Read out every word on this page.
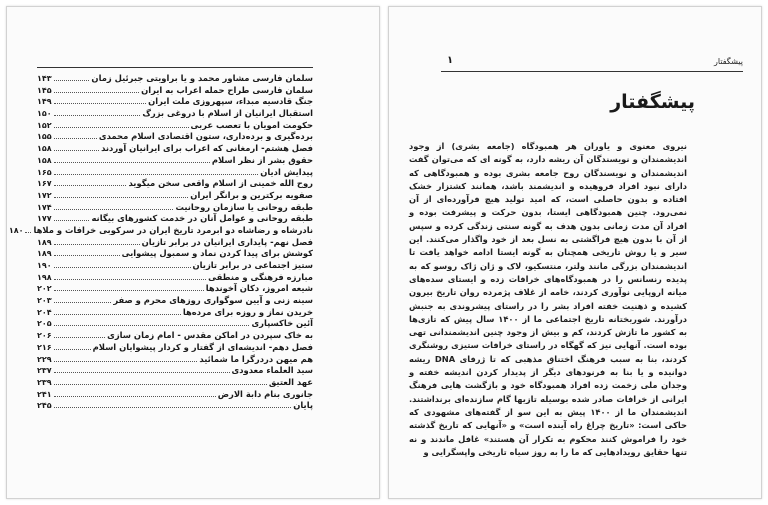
سلمان فارسی مشاور محمد و یا براویتی جبرئیل زمان
۱۴۳
سلمان فارسی طراح حمله اعراب به ایران
۱۴۵
جنگ قادسیه مبداء، سپهروزی ملت ایران
۱۴۹
استقبال ایرانیان از اسلام با دروغی بزرگ
۱۵۰
حکومت امویان با تعصب عربی
۱۵۲
برده‌گیری و برده‌داری، ستون اقتصادی اسلام محمدی
۱۵۵
فصل هشتم-
ارمغانی که اعراب برای ایرانیان آوردند
۱۵۸
حقوق بشر از نظر اسلام
۱۵۸
پیدایش ادیان
۱۶۵
روح الله خمینی از اسلام واقعی سخن میگوید
۱۶۷
صفویه برکترین و برانگر ایران
۱۷۲
طبقه روحانی یا سازمان روحانیت
۱۷۴
طبقه روحانی و عوامل آنان در خدمت کشورهای بیگانه
۱۷۷
نادرشاه و رضاشاه دو ابرمرد تاریخ ایران در سرکوبی خرافات و ملاها
۱۸۰
فصل نهم-
پایداری ایرانیان در برابر تازیان
۱۸۹
کوشش برای پیدا کردن نماد و سمبول پیشوایی
۱۸۹
ستیز اجتماعی در برابر تازیان
۱۹۰
مبارزه فرهنگی و منطقی
۱۹۸
شیعه امروز، دکان آخوندها
۲۰۲
سینه زنی و آیین سوگواری روزهای محرم و صفر
۲۰۳
خریدن نماز و روزه برای مرده‌ها
۲۰۴
آئین خاکسپاری
۲۰۵
به خاک سپردن در اماکن مقدس - امام زمان سازی
۲۰۶
فصل دهم-
اندیشه‌ای از گفتار و کردار پیشوایان اسلام
۲۱۶
هم میهن دردرگرا ما شمائید
۲۲۹
سید العلماء معدودی
۲۳۷
عهد العتیق
۲۳۹
جانوری بنام دابة الارض
۲۴۱
پایان
۲۴۵
پیشگفتار
۱
پیشگفتار

نیروی معنوی و یاوران هر همبودگاه (جامعه بشری) از وجود اندیشمندان و نویسندگان آن ریشه دارد، به گونه ای که می‌توان گفت اندیشمندان و نویسندگان روح جامعه بشری بوده و همبودگاهی که دارای نبود افراد فروهیده و اندیشمند باشد، همانند کشتزار خشک افتاده و بدون حاصلی است، که امید تولید هیچ فرآورده‌ای از آن نمی‌رود. چنین همبودگاهی ایستا، بدون حرکت و پیشرفت بوده و افراد آن مدت زمانی بدون هدف به گونه سنتی زندگی کرده و سپس از آن با بدون هیچ فراگشتی به نسل بعد از خود واگذار می‌کنند. این سیر و یا روش تاریخی همچنان به گونه ایستا ادامه خواهد یافت تا اندیشمندان بزرگی مانند ولتر، منتسکیو، لاک و ژان ژاک روسو که به پدیده رنسانس را در همبودگاه‌های خرافات زده و ایستای سده‌های میانه اروپایی نوآوری کردند، خامه از غلاف پژمرده روان تاریخ بیرون کشیده و ذهنیت خفته افراد بشر را در راستای پیشروندی به جنبش درآورند. شوربختانه تاریخ اجتماعی ما از ۱۴۰۰ سال پیش که تازی‌ها به کشور ما تازش کردند، کم و بیش از وجود چنین اندیشمندانی تهی بوده است. آنهایی نیز که گهگاه در راستای خرافات ستیزی روشنگری کردند، بنا به سبب فرهنگ اختناق مذهبی که تا ژرفای DNA ریشه دوانیده و یا بنا به فرنودهای دیگر از پدیدار کردن اندیشه خفته و وجدان ملی زخمت زده افراد همبودگاه خود و بازگشت هایی فرهنگ ایرانی از خرافات صادر شده بوسیله تازیها گام سازنده‌ای برنداشتند. اندیشمندان ما از ۱۴۰۰ پیش به این سو از گفته‌های مشهودی که حاکی است: «تاریخ چراغ راه آینده است» و «آنهایی که تاریخ گذشته خود را فراموش کنند محکوم به تکرار آن هستند» غافل ماندند و نه تنها حقایق رویدادهایی که ما را به روز سیاه تاریخی واپسگرایی و
